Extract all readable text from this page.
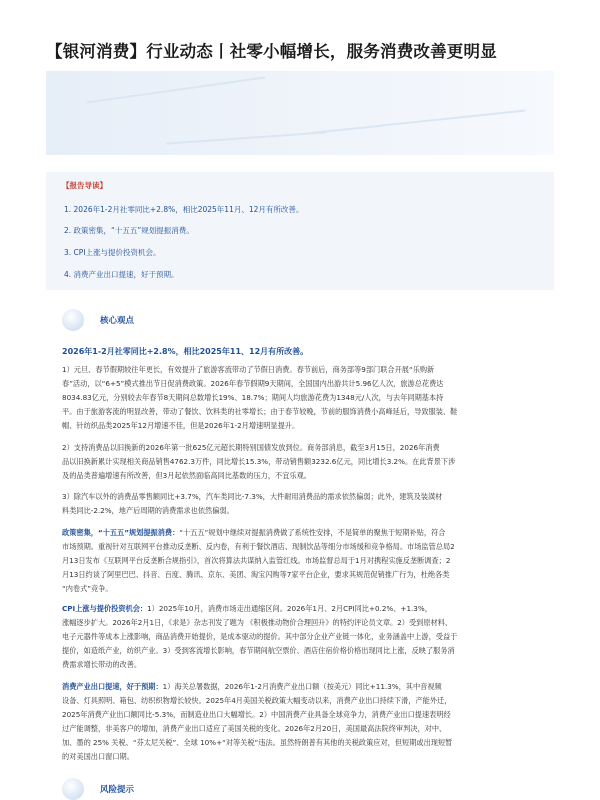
【银河消费】行业动态丨社零小幅增长，服务消费改善更明显
【报告导读】
1. 2026年1-2月社零同比+2.8%，相比2025年11月、12月有所改善。
2. 政策密集，“十五五”规划提振消费。
3. CPI上涨与提价投资机会。
4. 消费产业出口提速，好于预期。
核心观点
2026年1-2月社零同比+2.8%，相比2025年11、12月有所改善。
1）元旦、春节假期较往年更长，有效提升了旅游客流带动了节假日消费。春节前后，商务部等9部门联合开展“乐购新
春”活动，以“6+5”模式推出节日促消费政策。2026年春节假期9天期间，全国国内出游共计5.96亿人次，旅游总花费达
8034.83亿元，分别较去年春节8天期间总数增长19%、18.7%；期间人均旅游花费为1348元/人次，与去年同期基本持
平。由于旅游客流的明显改善，带动了餐饮、饮料类的社零增长；由于春节较晚，节前的服饰消费小高峰延后，导致服装、鞋
帽、针纺织品类2025年12月增速不佳，但是2026年1-2月增速明显提升。
2）支持消费品以旧换新的2026年第一批625亿元超长期特别国债发放到位。商务部消息，截至3月15日，2026年消费
品以旧换新累计实现相关商品销售4762.3万件，同比增长15.3%，带动销售额3232.6亿元，同比增长3.2%。在此背景下涉
及的品类普遍增速有所改善，但3月起依然面临高同比基数的压力，不宜乐观。
3）除汽车以外的消费品零售额同比+3.7%，汽车类同比-7.3%，大件耐用消费品的需求依然偏弱；此外，建筑及装潢材
料类同比-2.2%，地产后周期的消费需求也依然偏弱。
政策密集，“十五五”规划提振消费：“十五五”规划中继续对提振消费做了系统性安排，不是简单的聚焦于短期补贴，符合
市场预期。重视针对互联网平台推动反垄断、反内卷，有利于餐饮酒店、现制饮品等细分市场缓和竞争格局。市场监管总局2
月13日发布《互联网平台反垄断合规指引》，首次将算法共谋纳入监管红线。市场监督总局于1月对携程实施反垄断调查；2
月13日约谈了阿里巴巴、抖音、百度、腾讯、京东、美团、淘宝闪购等7家平台企业，要求其规范促销推广行为，杜绝各类
“内卷式”竞争。
CPI上涨与提价投资机会：1）2025年10月，消费市场走出通缩区间。2026年1月、2月CPI同比+0.2%、+1.3%，
涨幅逐步扩大。2026年2月1日，《求是》杂志刊发了题为 《积极推动物价合理回升》的特约评论员文章。2）受到原材料、
电子元器件等成本上涨影响，商品消费开始提价，是成本驱动的提价。其中部分企业产业链一体化，业务涵盖中上游，受益于
提价，如造纸产业，纺织产业。3）受到客流增长影响，春节期间航空票价、酒店住宿价格价格出现同比上涨，反映了服务消
费需求增长带动的改善。
消费产业出口提速，好于预期：1）海关总署数据，2026年1-2月消费产业出口额（按美元）同比+11.3%，其中音视频
设备、灯具照明、箱包、纺织织物增长较快。2025年4月美国关税政策大幅变动以来，消费产业出口持续下滑，产能外迁，
2025年消费产业出口额同比-5.3%，而制造业出口大幅增长。2）中国消费产业具备全球竞争力，消费产业出口提速表明经
过产能调整，非美客户的增加，消费产业出口适应了美国关税的变化。2026年2月20日，美国最高法院终审判决，对中、
加、墨的 25% 关税、“芬太尼关税”、全球 10%+“对等关税”违法。虽然特朗普有其他的关税政策应对，但短期或出现短暂
的对美国出口窗口期。
风险提示
